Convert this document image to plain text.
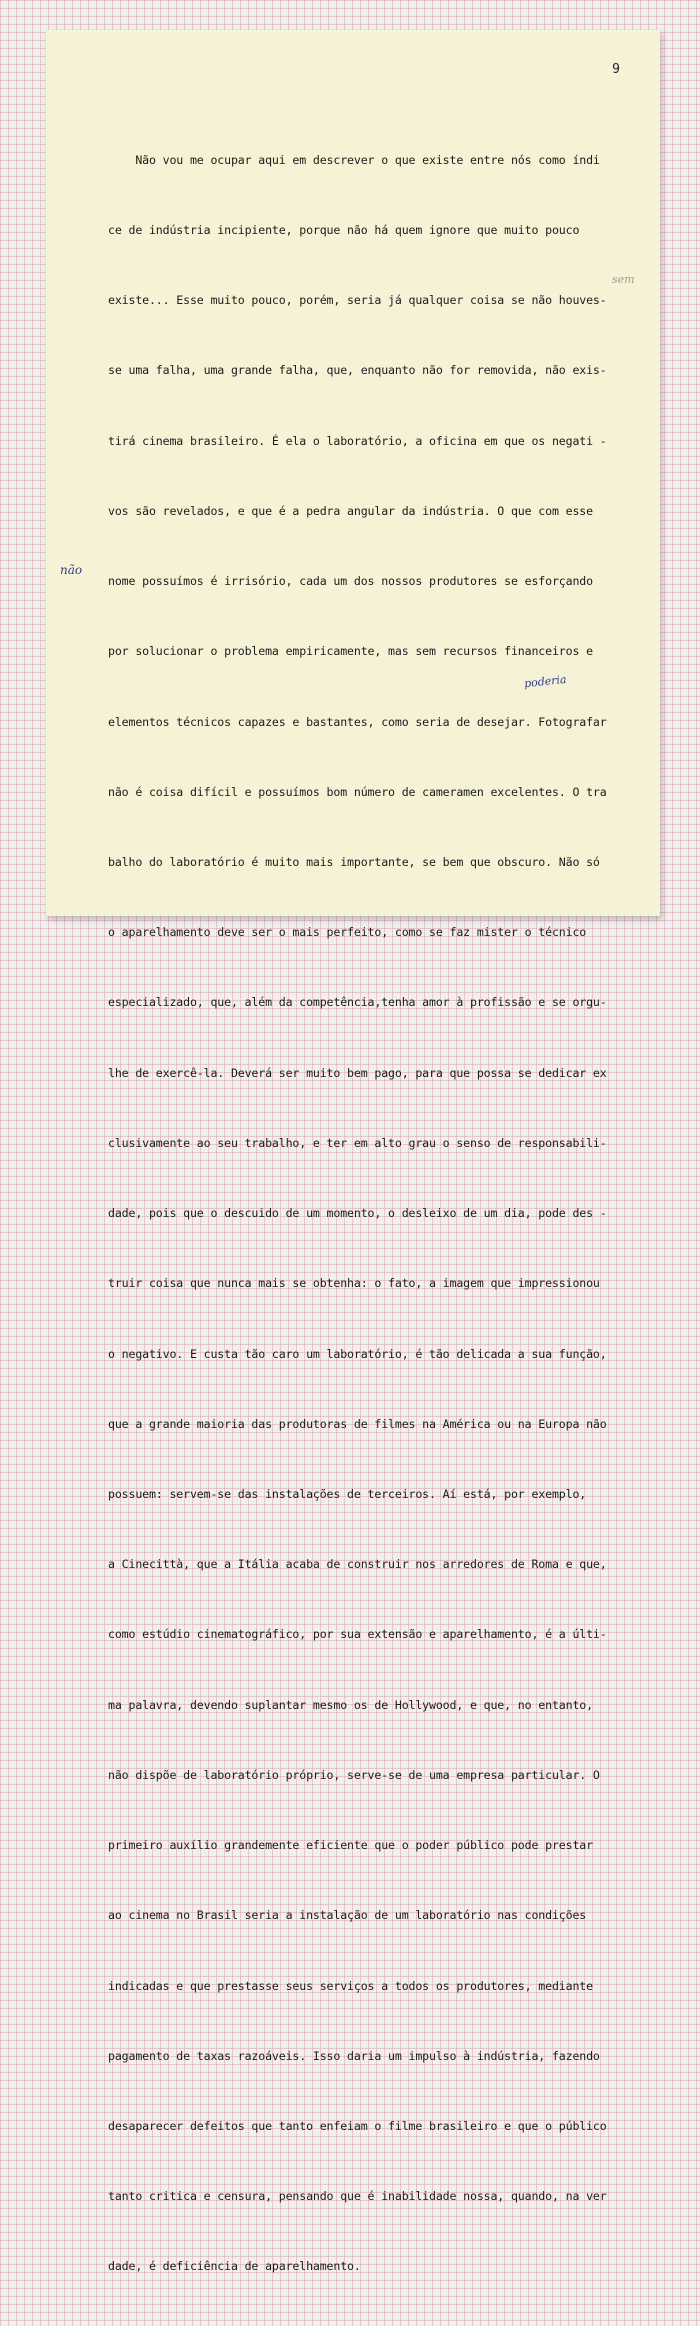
9

Não vou me ocupar aqui em descrever o que existe entre nós como índi

ce de indústria incipiente, porque não há quem ignore que muito pouco

existe... Esse muito pouco, porém, seria já qualquer coisa se não houves-

se uma falha, uma grande falha, que, enquanto não for removida, não exis-

tirá cinema brasileiro. É ela o laboratório, a oficina em que os negati -

vos são revelados, e que é a pedra angular da indústria. O que com esse

nome possuímos é irrisório, cada um dos nossos produtores se esforçando

por solucionar o problema empiricamente, mas sem recursos financeiros e

elementos técnicos capazes e bastantes, como seria de desejar. Fotografar

não é coisa difícil e possuímos bom número de cameramen excelentes. O tra

balho do laboratório é muito mais importante, se bem que obscuro. Não só

o aparelhamento deve ser o mais perfeito, como se faz mister o técnico

especializado, que, além da competência,tenha amor à profissão e se orgu-

lhe de exercê-la. Deverá ser muito bem pago, para que possa se dedicar ex

clusivamente ao seu trabalho, e ter em alto grau o senso de responsabili-

dade, pois que o descuido de um momento, o desleixo de um dia, pode des -

truir coisa que nunca mais se obtenha: o fato, a imagem que impressionou

o negativo. E custa tão caro um laboratório, é tão delicada a sua função,

que a grande maioria das produtoras de filmes na América ou na Europa não

possuem: servem-se das instalações de terceiros. Aí está, por exemplo,

a Cinecittà, que a Itália acaba de construir nos arredores de Roma e que,

como estúdio cinematográfico, por sua extensão e aparelhamento, é a últi-

ma palavra, devendo suplantar mesmo os de Hollywood, e que, no entanto,

não dispõe de laboratório próprio, serve-se de uma empresa particular. O

primeiro auxílio grandemente eficiente que o poder público pode prestar

ao cinema no Brasil seria a instalação de um laboratório nas condições

indicadas e que prestasse seus serviços a todos os produtores, mediante

pagamento de taxas razoáveis. Isso daria um impulso à indústria, fazendo

desaparecer defeitos que tanto enfeiam o filme brasileiro e que o público

tanto critica e censura, pensando que é inabilidade nossa, quando, na ver

dade, é deficiência de aparelhamento.

sem
não
poderia
